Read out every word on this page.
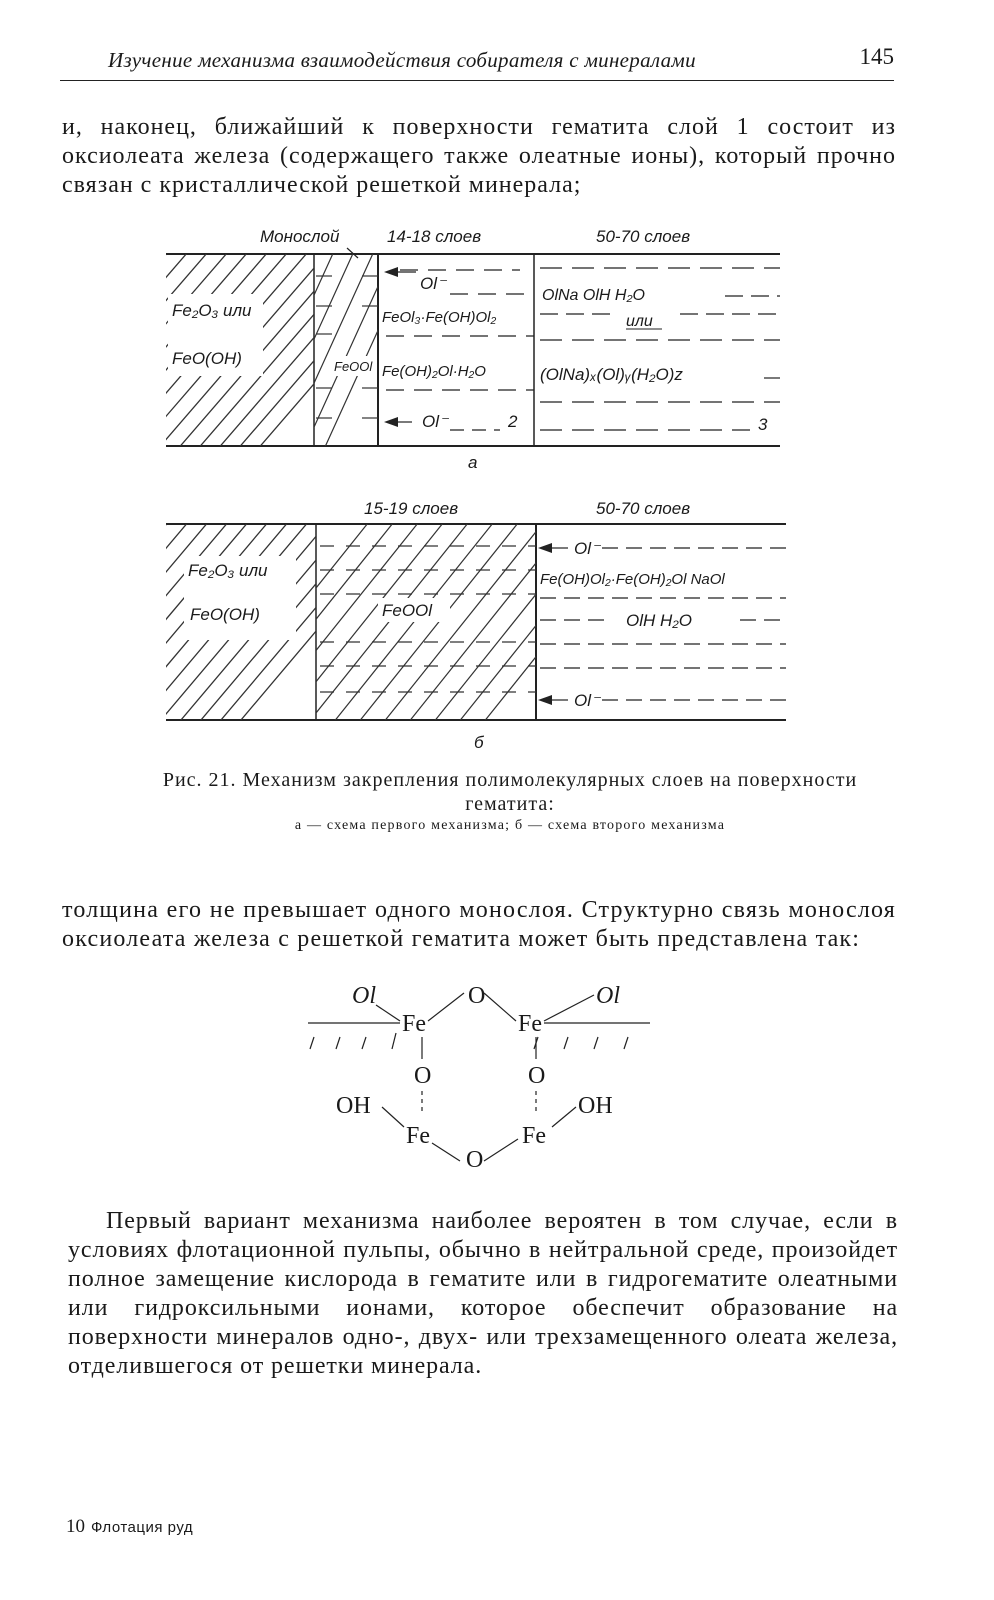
Изучение механизма взаимодействия собирателя с минералами	145
и, наконец, ближайший к поверхности гематита слой 1 состоит из оксиолеата железа (содержащего также олеатные ионы), который прочно связан с кристаллической решеткой минерала;
Монослой	14-18 слоев	50-70 слоев
Fe₂O₃ или
FeO(OH)	FeOOl
Ol⁻
FeOl₃·Fe(OH)Ol₂
Fe(OH)₂Ol·H₂O
Ol⁻	2
OlNa OlH H₂O
или
(OlNa)ₓ(Ol)ᵧ(H₂O)z
3
а
15-19 слоев	50-70 слоев
Fe₂O₃ или
FeO(OH)	FeOOl
Ol⁻
Fe(OH)Ol₂·Fe(OH)₂Ol NaOl
OlH H₂O
Ol⁻
б
Рис. 21. Механизм закрепления полимолекулярных слоев на поверхности гематита:
а — схема первого механизма; б — схема второго механизма
толщина его не превышает одного монослоя. Структурно связь монослоя оксиолеата железа с решеткой гематита может быть представлена так:
Ol	O	Ol
Fe	Fe
O	O
OH	OH
Fe	Fe
O
Первый вариант механизма наиболее вероятен в том случае, если в условиях флотационной пульпы, обычно в нейтральной среде, произойдет полное замещение кислорода в гематите или в гидрогематите олеатными или гидроксильными ионами, которое обеспечит образование на поверхности минералов одно-, двух- или трехзамещенного олеата железа, отделившегося от решетки минерала.
10 Флотация руд
